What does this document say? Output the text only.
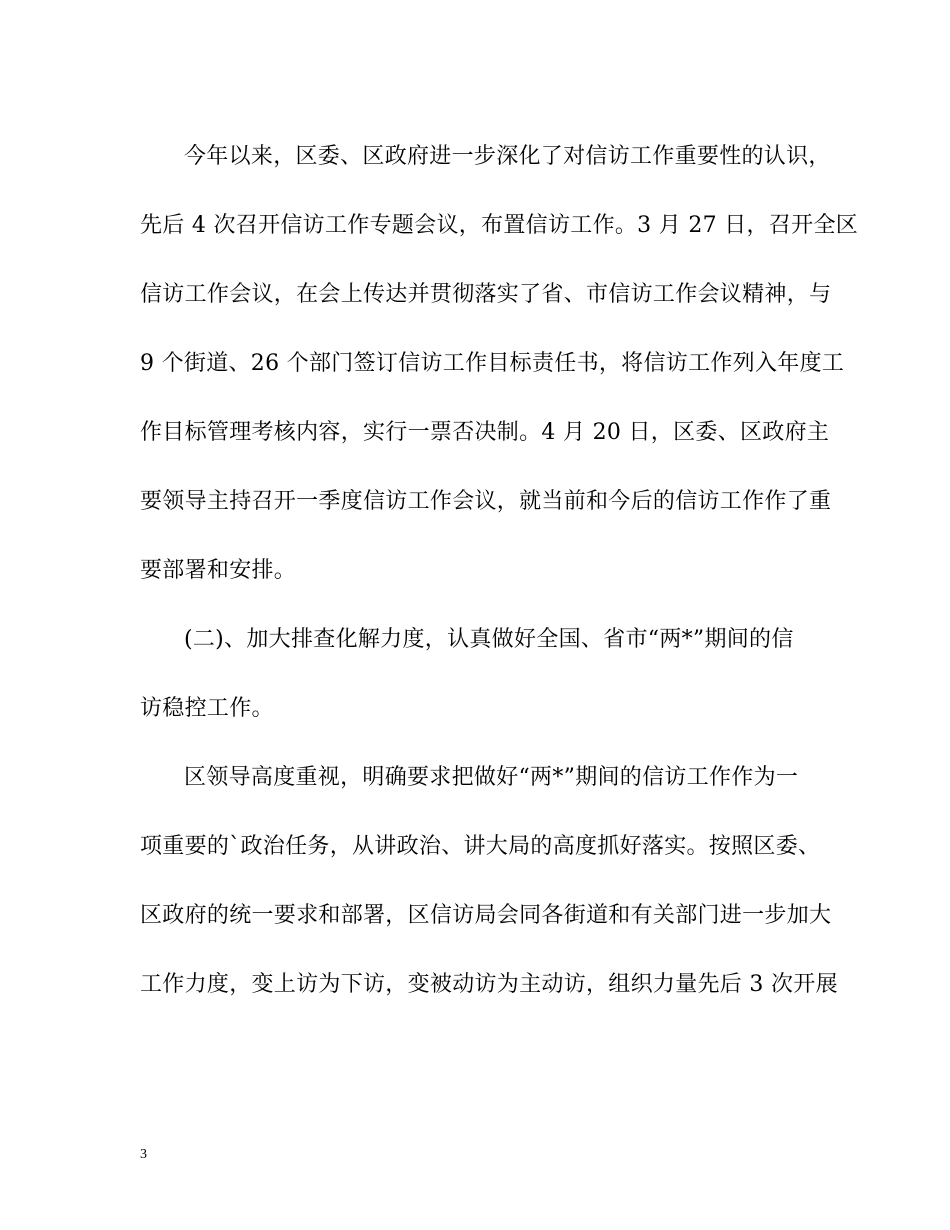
今年以来，区委、区政府进一步深化了对信访工作重要性的认识，
先后 4 次召开信访工作专题会议，布置信访工作。3 月 27 日，召开全区
信访工作会议，在会上传达并贯彻落实了省、市信访工作会议精神，与
9 个街道、26 个部门签订信访工作目标责任书，将信访工作列入年度工
作目标管理考核内容，实行一票否决制。4 月 20 日，区委、区政府主
要领导主持召开一季度信访工作会议，就当前和今后的信访工作作了重
要部署和安排。
(二)、加大排查化解力度，认真做好全国、省市“两*”期间的信
访稳控工作。
区领导高度重视，明确要求把做好“两*”期间的信访工作作为一
项重要的`政治任务，从讲政治、讲大局的高度抓好落实。按照区委、
区政府的统一要求和部署，区信访局会同各街道和有关部门进一步加大
工作力度，变上访为下访，变被动访为主动访，组织力量先后 3 次开展
3
